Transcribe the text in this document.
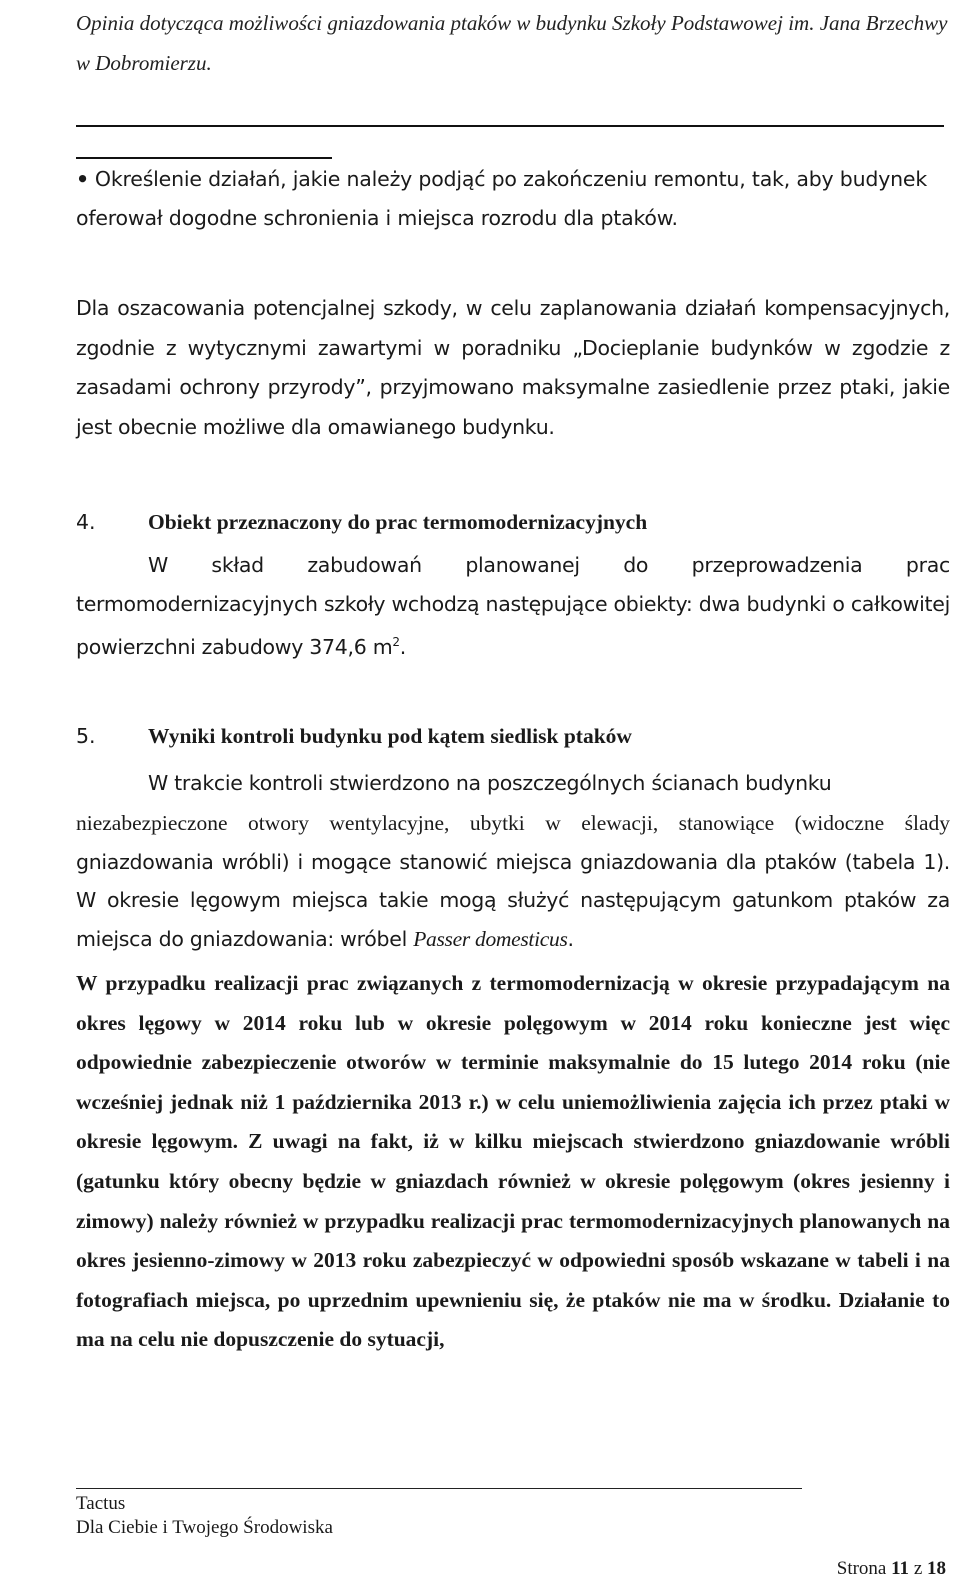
Opinia dotycząca możliwości gniazdowania ptaków w budynku Szkoły Podstawowej im. Jana Brzechwy
w Dobromierzu.
• Określenie działań, jakie należy podjąć po zakończeniu remontu, tak, aby budynek oferował dogodne schronienia i miejsca rozrodu dla ptaków.
Dla oszacowania potencjalnej szkody, w celu zaplanowania działań kompensacyjnych, zgodnie z wytycznymi zawartymi w poradniku „Docieplanie budynków w zgodzie z zasadami ochrony przyrody”, przyjmowano maksymalne zasiedlenie przez ptaki, jakie jest obecnie możliwe dla omawianego budynku.
4. Obiekt przeznaczony do prac termomodernizacyjnych
W skład zabudowań planowanej do przeprowadzenia prac termomodernizacyjnych szkoły wchodzą następujące obiekty: dwa budynki o całkowitej powierzchni zabudowy 374,6 $m^2$.
5. Wyniki kontroli budynku pod kątem siedlisk ptaków
W trakcie kontroli stwierdzono na poszczególnych ścianach budynku
niezabezpieczone otwory wentylacyjne, ubytki w elewacji, stanowiące (widoczne ślady
gniazdowania wróbli) i mogące stanowić miejsca gniazdowania dla ptaków (tabela 1). W okresie lęgowym miejsca takie mogą służyć następującym gatunkom ptaków za miejsca do gniazdowania: wróbel Passer domesticus.
W przypadku realizacji prac związanych z termomodernizacją w okresie przypadającym na okres lęgowy w 2014 roku lub w okresie polęgowym w 2014 roku konieczne jest więc odpowiednie zabezpieczenie otworów w terminie maksymalnie do 15 lutego 2014 roku (nie wcześniej jednak niż 1 października 2013 r.) w celu uniemożliwienia zajęcia ich przez ptaki w okresie lęgowym. Z uwagi na fakt, iż w kilku miejscach stwierdzono gniazdowanie wróbli (gatunku który obecny będzie w gniazdach również w okresie polęgowym (okres jesienny i zimowy) należy również w przypadku realizacji prac termomodernizacyjnych planowanych na okres jesienno-zimowy w 2013 roku zabezpieczyć w odpowiedni sposób wskazane w tabeli i na fotografiach miejsca, po uprzednim upewnieniu się, że ptaków nie ma w środku. Działanie to ma na celu nie dopuszczenie do sytuacji,
Tactus
Dla Ciebie i Twojego Środowiska
Strona 11 z 18
